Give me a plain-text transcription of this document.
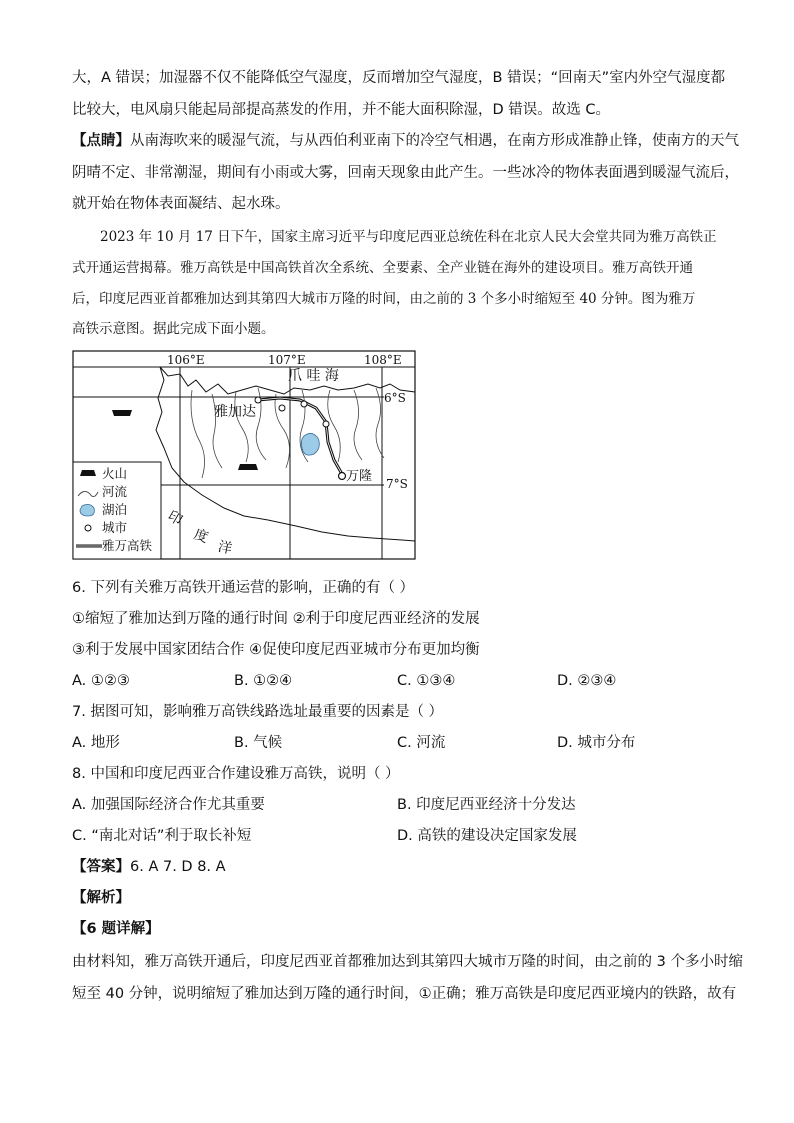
大，A 错误；加湿器不仅不能降低空气湿度，反而增加空气湿度，B 错误；“回南天”室内外空气湿度都
比较大，电风扇只能起局部提高蒸发的作用，并不能大面积除湿，D 错误。故选 C。
【点睛】从南海吹来的暖湿气流，与从西伯利亚南下的冷空气相遇，在南方形成准静止锋，使南方的天气
阴晴不定、非常潮湿，期间有小雨或大雾，回南天现象由此产生。一些冰冷的物体表面遇到暖湿气流后，
就开始在物体表面凝结、起水珠。
2023 年 10 月 17 日下午，国家主席习近平与印度尼西亚总统佐科在北京人民大会堂共同为雅万高铁正
式开通运营揭幕。雅万高铁是中国高铁首次全系统、全要素、全产业链在海外的建设项目。雅万高铁开通
后，印度尼西亚首都雅加达到其第四大城市万隆的时间，由之前的 3 个多小时缩短至 40 分钟。图为雅万
高铁示意图。据此完成下面小题。
106°E	107°E	108°E
6°S
7°S
爪 哇 海
雅加达
万隆
印
度
洋
火山
河流
湖泊
城市
雅万高铁
6. 下列有关雅万高铁开通运营的影响，正确的有（ ）
①缩短了雅加达到万隆的通行时间 ②利于印度尼西亚经济的发展
③利于发展中国家团结合作 ④促使印度尼西亚城市分布更加均衡
A. ①②③	B. ①②④	C. ①③④	D. ②③④
7. 据图可知，影响雅万高铁线路选址最重要的因素是（ ）
A. 地形	B. 气候	C. 河流	D. 城市分布
8. 中国和印度尼西亚合作建设雅万高铁，说明（ ）
A. 加强国际经济合作尤其重要	B. 印度尼西亚经济十分发达
C. “南北对话”利于取长补短	D. 高铁的建设决定国家发展
【答案】6. A 7. D 8. A
【解析】
【6 题详解】
由材料知，雅万高铁开通后，印度尼西亚首都雅加达到其第四大城市万隆的时间，由之前的 3 个多小时缩
短至 40 分钟，说明缩短了雅加达到万隆的通行时间，①正确；雅万高铁是印度尼西亚境内的铁路，故有
